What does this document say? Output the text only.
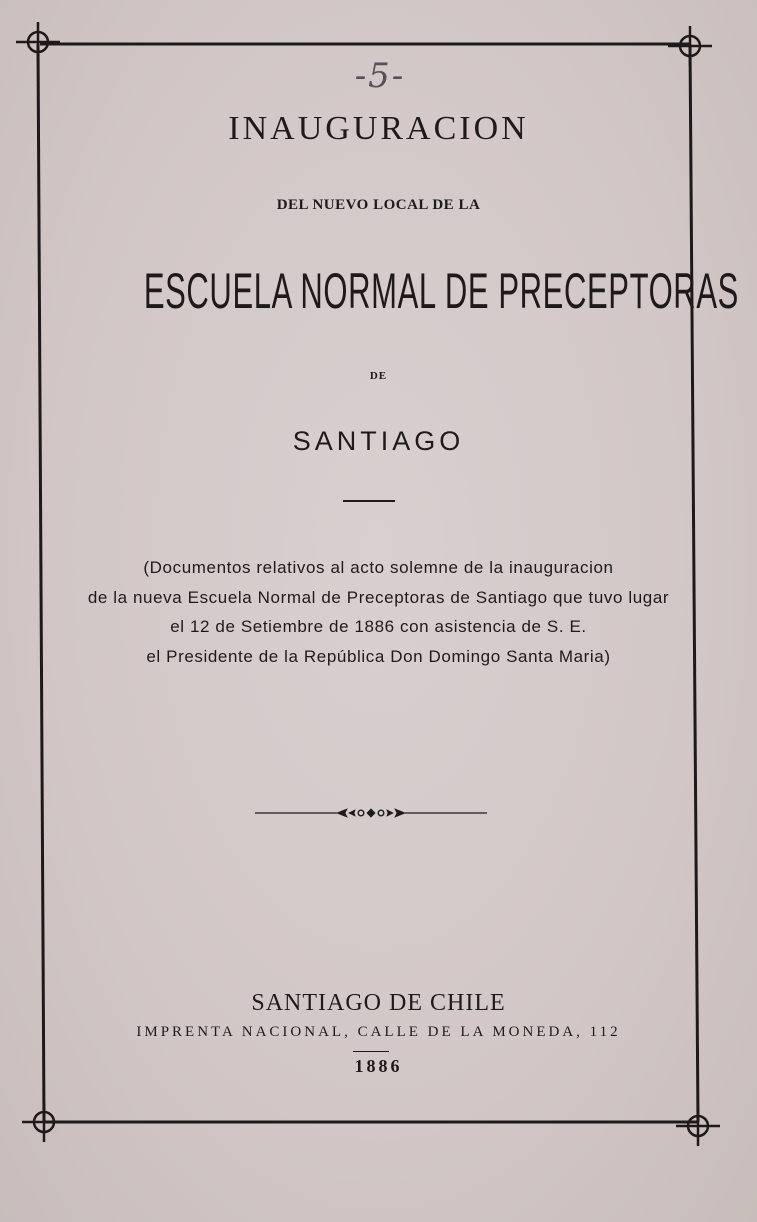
-5-
INAUGURACION
DEL NUEVO LOCAL DE LA
ESCUELA NORMAL DE PRECEPTORAS
DE
SANTIAGO
(Documentos relativos al acto solemne de la inauguracion
de la nueva Escuela Normal de Preceptoras de Santiago que tuvo lugar
el 12 de Setiembre de 1886 con asistencia de S. E.
el Presidente de la República Don Domingo Santa Maria)
SANTIAGO DE CHILE
IMPRENTA NACIONAL, CALLE DE LA MONEDA, 112
1886
